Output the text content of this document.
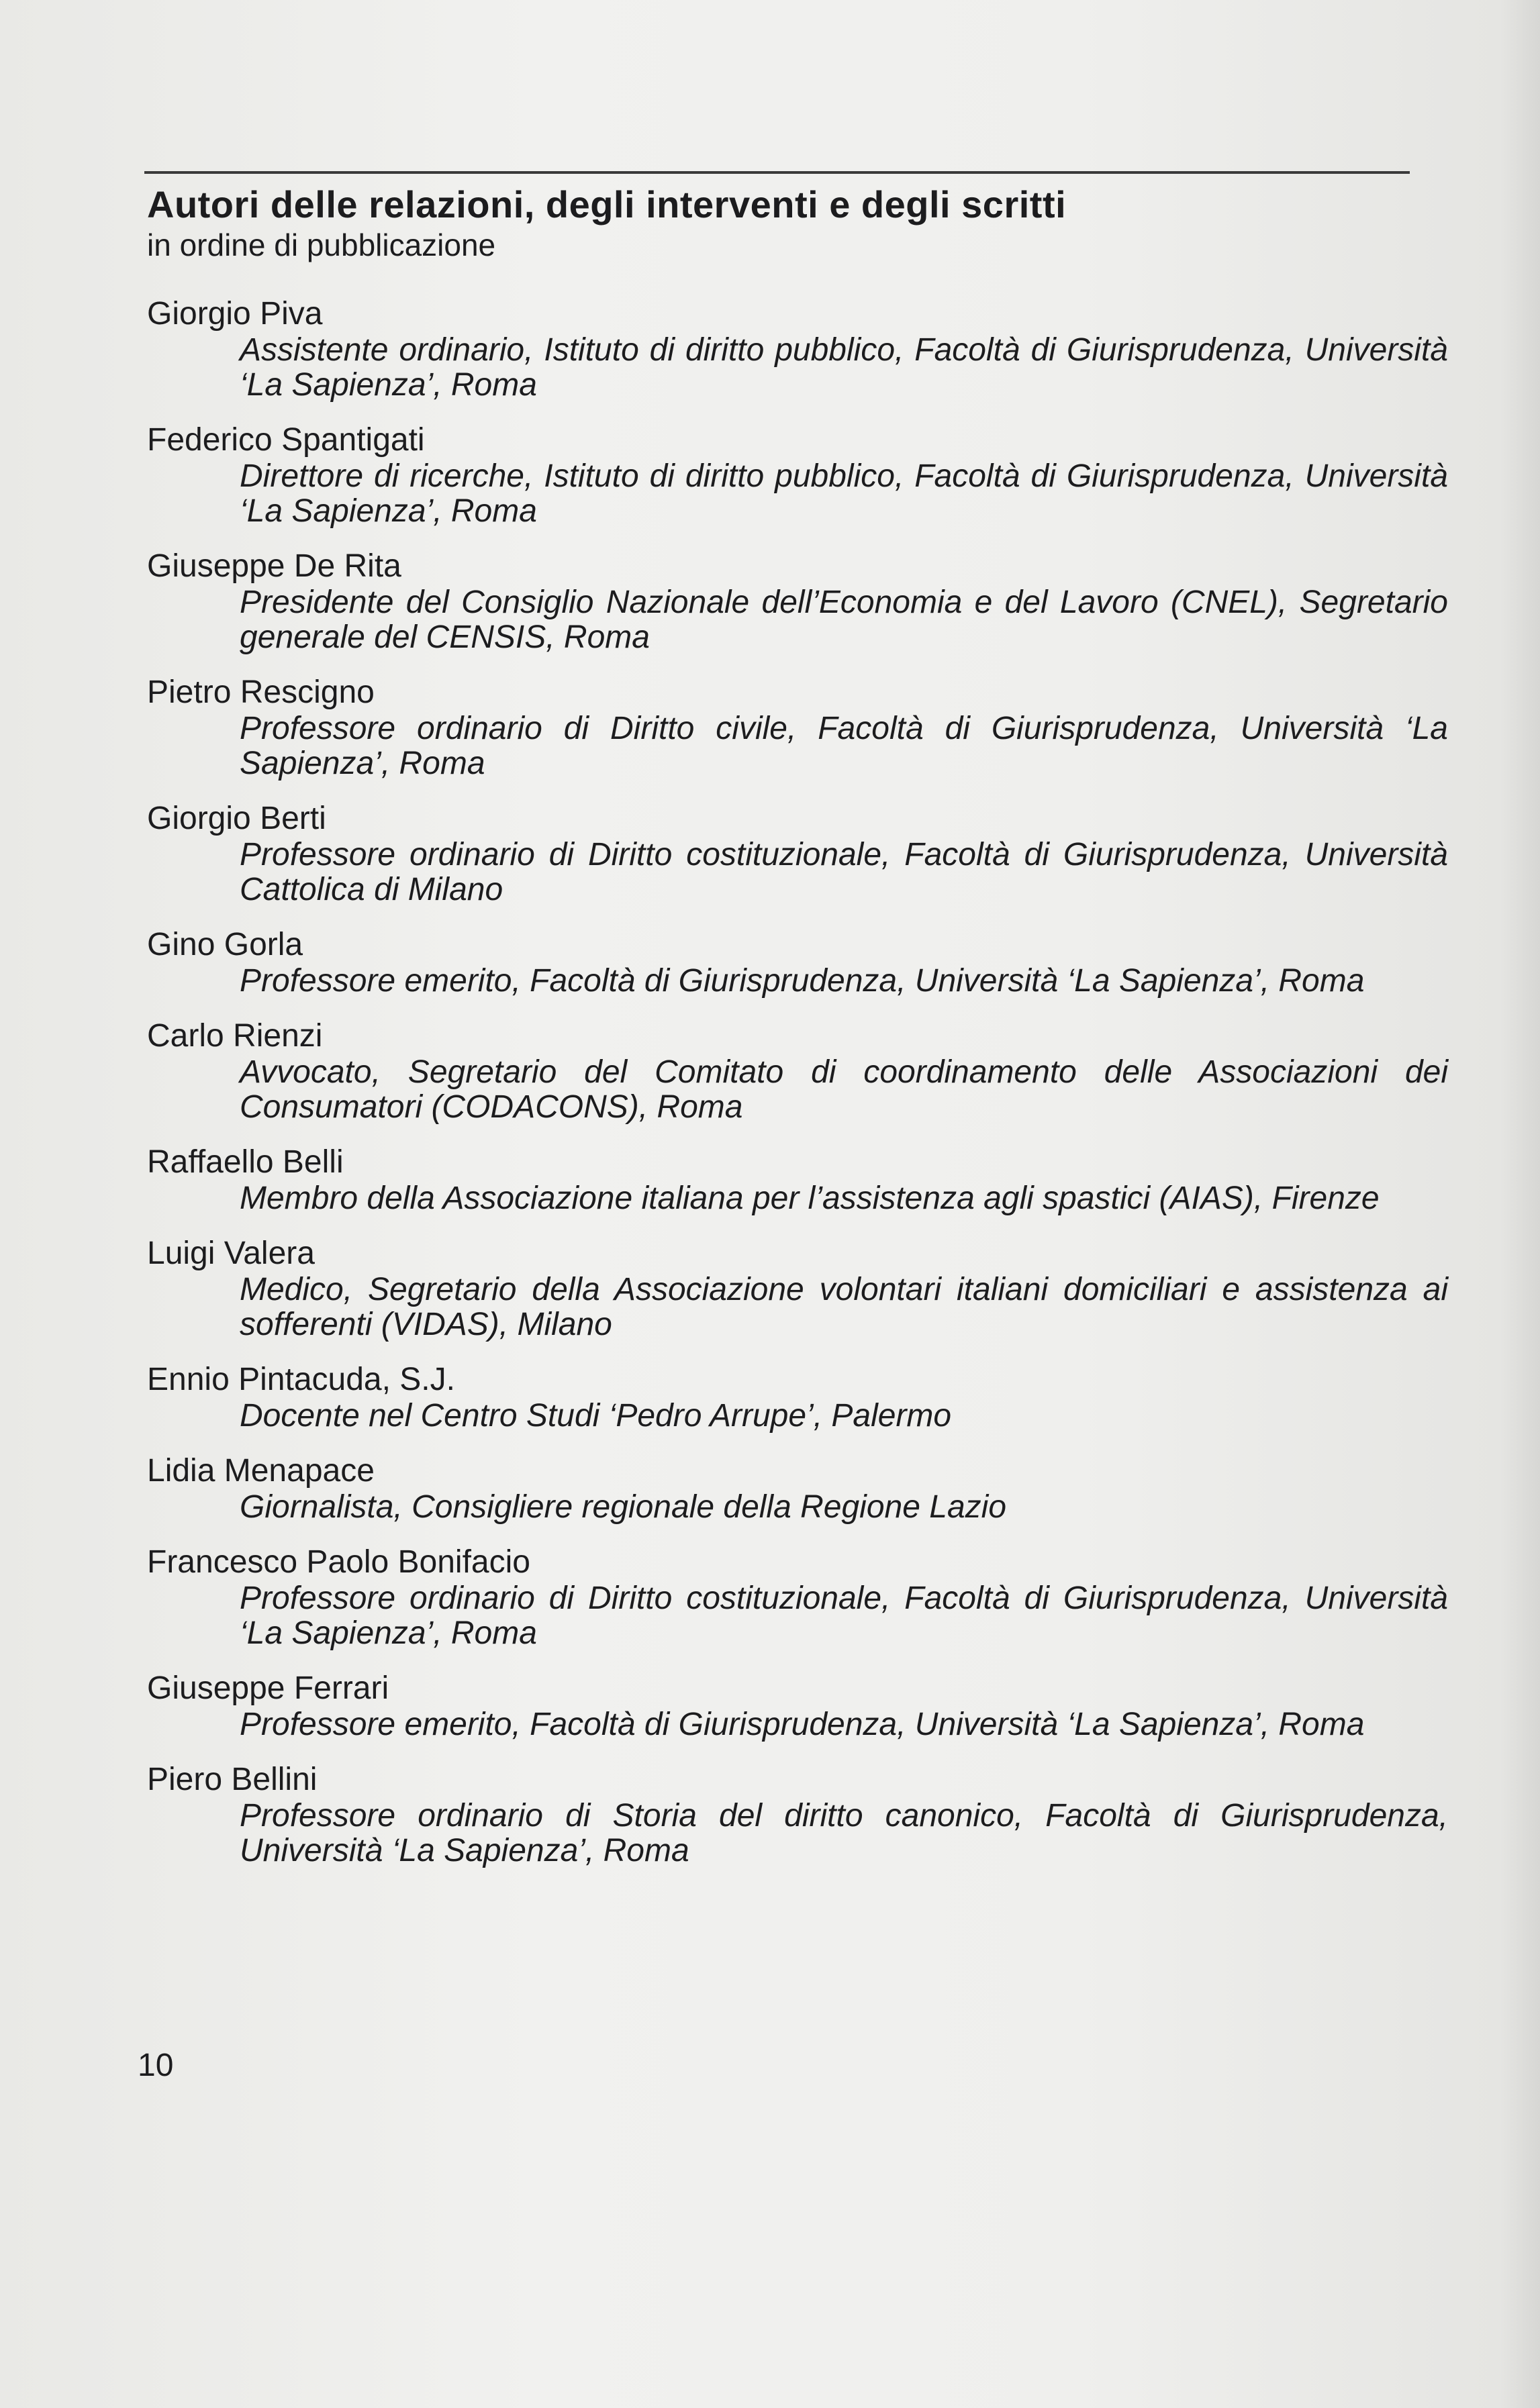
Autori delle relazioni, degli interventi e degli scritti
in ordine di pubblicazione
Giorgio Piva
Assistente ordinario, Istituto di diritto pubblico, Facoltà di Giurisprudenza, Università ‘La Sapienza’, Roma
Federico Spantigati
Direttore di ricerche, Istituto di diritto pubblico, Facoltà di Giurisprudenza, Università ‘La Sapienza’, Roma
Giuseppe De Rita
Presidente del Consiglio Nazionale dell’Economia e del Lavoro (CNEL), Segretario generale del CENSIS, Roma
Pietro Rescigno
Professore ordinario di Diritto civile, Facoltà di Giurisprudenza, Università ‘La Sapienza’, Roma
Giorgio Berti
Professore ordinario di Diritto costituzionale, Facoltà di Giurisprudenza, Università Cattolica di Milano
Gino Gorla
Professore emerito, Facoltà di Giurisprudenza, Università ‘La Sapienza’, Roma
Carlo Rienzi
Avvocato, Segretario del Comitato di coordinamento delle Associazioni dei Consumatori (CODACONS), Roma
Raffaello Belli
Membro della Associazione italiana per l’assistenza agli spastici (AIAS), Firenze
Luigi Valera
Medico, Segretario della Associazione volontari italiani domiciliari e assistenza ai sofferenti (VIDAS), Milano
Ennio Pintacuda, S.J.
Docente nel Centro Studi ‘Pedro Arrupe’, Palermo
Lidia Menapace
Giornalista, Consigliere regionale della Regione Lazio
Francesco Paolo Bonifacio
Professore ordinario di Diritto costituzionale, Facoltà di Giurisprudenza, Università ‘La Sapienza’, Roma
Giuseppe Ferrari
Professore emerito, Facoltà di Giurisprudenza, Università ‘La Sapienza’, Roma
Piero Bellini
Professore ordinario di Storia del diritto canonico, Facoltà di Giurisprudenza, Università ‘La Sapienza’, Roma
10
